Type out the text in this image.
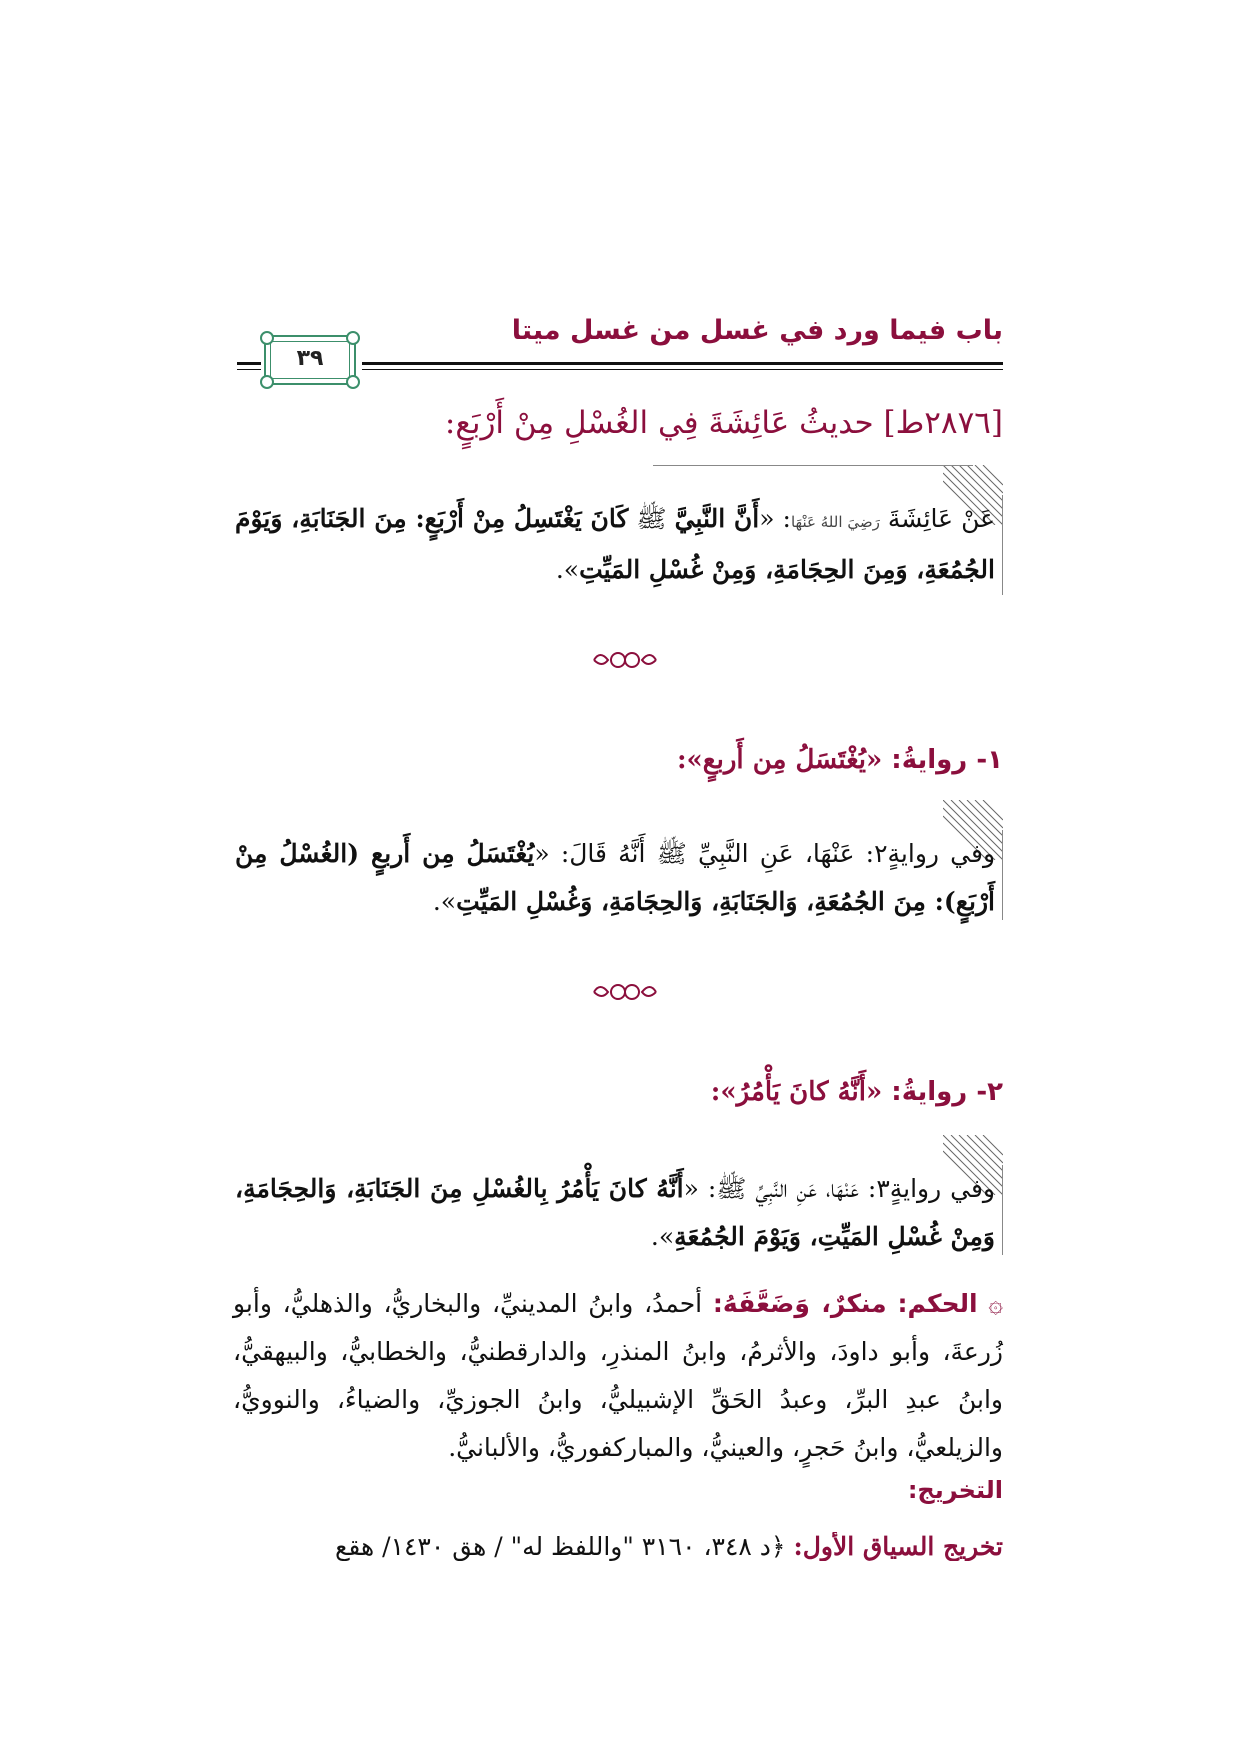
باب فيما ورد في غسل من غسل ميتا
٣٩
[٢٨٧٦ط] حديثُ عَائِشَةَ فِي الغُسْلِ مِنْ أَرْبَعٍ:

عَنْ عَائِشَةَ رَضِيَ اللهُ عَنْهَا: «أَنَّ النَّبِيَّ ﷺ كَانَ يَغْتَسِلُ مِنْ أَرْبَعٍ: مِنَ الجَنَابَةِ، وَيَوْمَ الجُمُعَةِ، وَمِنَ الحِجَامَةِ، وَمِنْ غُسْلِ المَيِّتِ».

١- روايةُ: «يُغْتَسَلُ مِن أَربعٍ»:

وفي روايةٍ٢: عَنْهَا، عَنِ النَّبِيِّ ﷺ أَنَّهُ قَالَ: «يُغْتَسَلُ مِن أَربعٍ (الغُسْلُ مِنْ أَرْبَعٍ): مِنَ الجُمُعَةِ، وَالجَنَابَةِ، وَالحِجَامَةِ، وَغُسْلِ المَيِّتِ».

٢- روايةُ: «أَنَّهُ كانَ يَأْمُرُ»:

وفي روايةٍ٣: عَنْهَا، عَنِ النَّبِيِّ ﷺ: «أَنَّهُ كانَ يَأْمُرُ بِالغُسْلِ مِنَ الجَنَابَةِ، وَالحِجَامَةِ، وَمِنْ غُسْلِ المَيِّتِ، وَيَوْمَ الجُمُعَةِ».

۞ الحكم: منكرٌ، وَضَعَّفَهُ: أحمدُ، وابنُ المدينيِّ، والبخاريُّ، والذهليُّ، وأبو زُرعةَ، وأبو داودَ، والأثرمُ، وابنُ المنذرِ، والدارقطنيُّ، والخطابيُّ، والبيهقيُّ، وابنُ عبدِ البرِّ، وعبدُ الحَقِّ الإشبيليُّ، وابنُ الجوزيِّ، والضياءُ، والنوويُّ، والزيلعيُّ، وابنُ حَجرٍ، والعينيُّ، والمباركفوريُّ، والألبانيُّ.

التخريج:
تخريج السياق الأول: ﴿د ٣٤٨، ٣١٦٠ "واللفظ له" / هق ١٤٣٠/ هقع
